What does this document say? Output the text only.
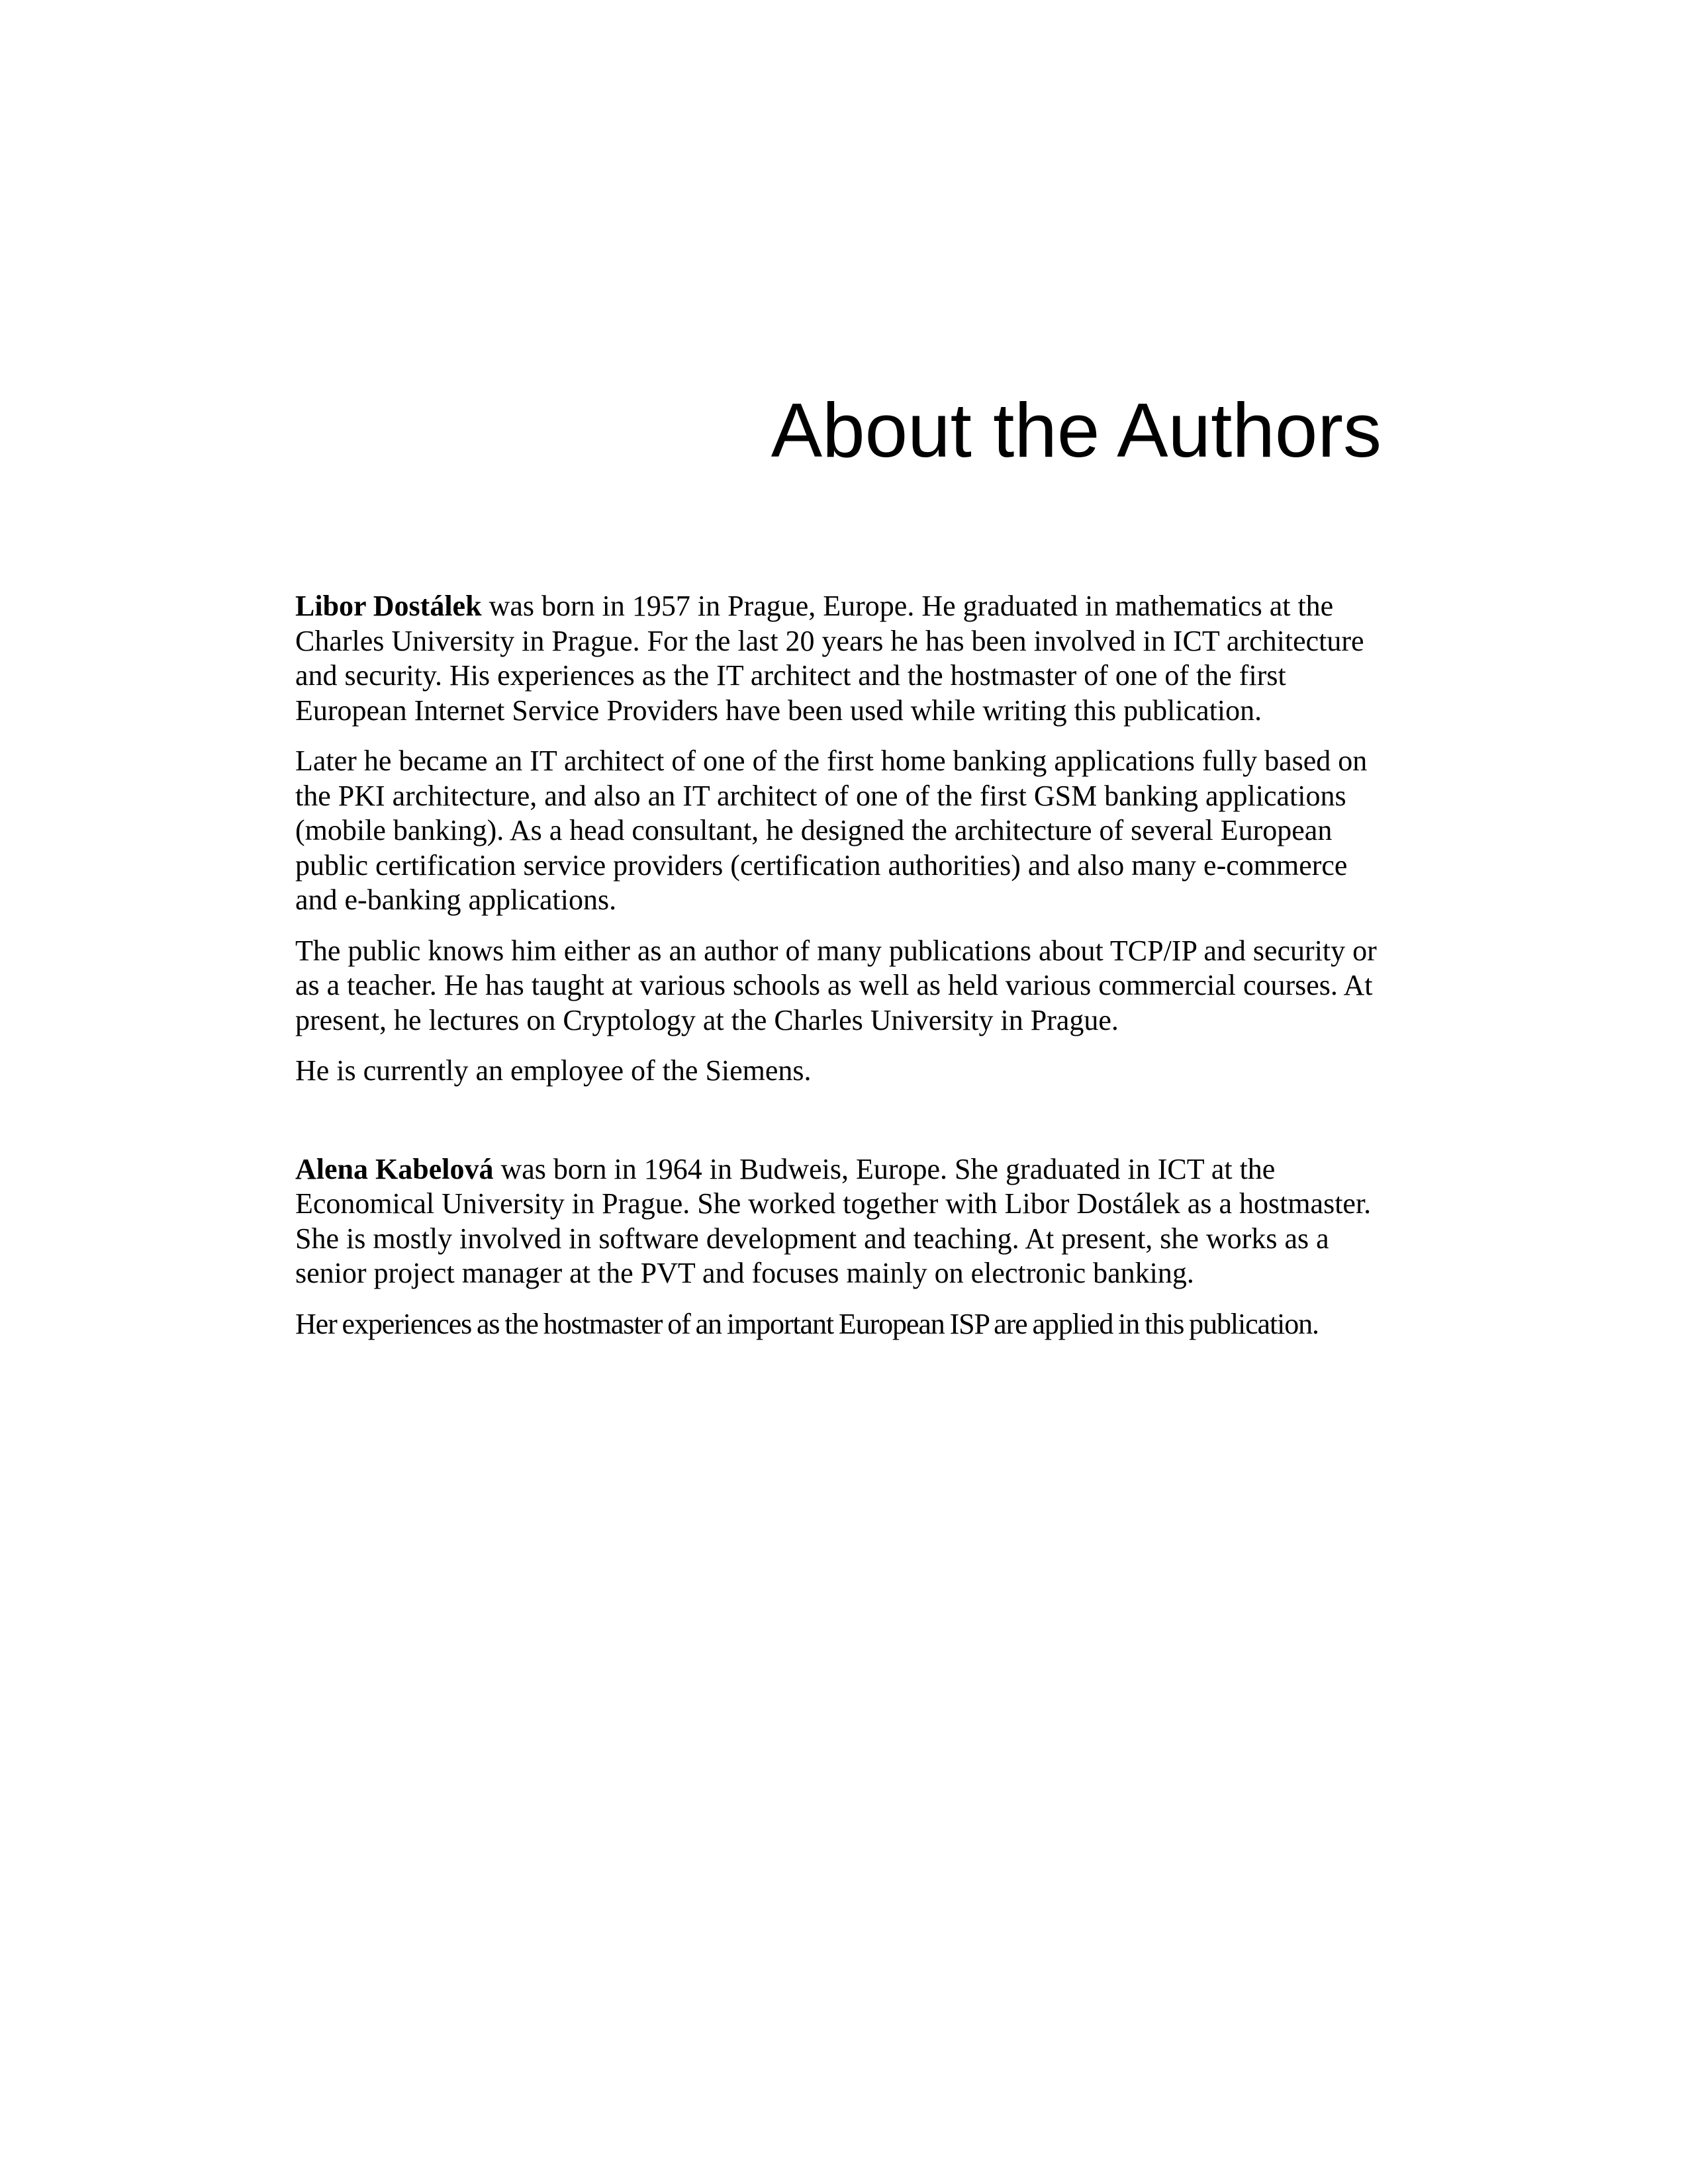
About the Authors

Libor Dostálek was born in 1957 in Prague, Europe. He graduated in mathematics at the Charles University in Prague. For the last 20 years he has been involved in ICT architecture and security. His experiences as the IT architect and the hostmaster of one of the first European Internet Service Providers have been used while writing this publication.

Later he became an IT architect of one of the first home banking applications fully based on the PKI architecture, and also an IT architect of one of the first GSM banking applications (mobile banking). As a head consultant, he designed the architecture of several European public certification service providers (certification authorities) and also many e-commerce and e-banking applications.

The public knows him either as an author of many publications about TCP/IP and security or as a teacher. He has taught at various schools as well as held various commercial courses. At present, he lectures on Cryptology at the Charles University in Prague.

He is currently an employee of the Siemens.

Alena Kabelová was born in 1964 in Budweis, Europe. She graduated in ICT at the Economical University in Prague. She worked together with Libor Dostálek as a hostmaster. She is mostly involved in software development and teaching. At present, she works as a senior project manager at the PVT and focuses mainly on electronic banking.

Her experiences as the hostmaster of an important European ISP are applied in this publication.
